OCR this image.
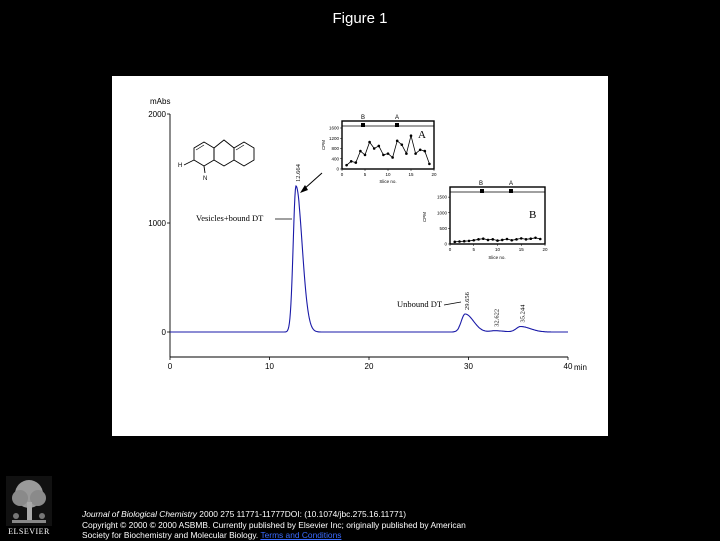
Figure 1
0
1000
2000
0	10	20	30	40
mAbs
min
12.664
29.656
32.622	35.244
Vesicles+bound DT
Unbound DT
H
N
0	5	10	15	20
0
400
800
1200
1600
B	A
A
Slice no.
CPM
0	5	10	15	20
0
500
1000
1500
B	A
B
Slice no.
CPM
ELSEVIER
Journal of Biological Chemistry 2000 275 11771-11777DOI: (10.1074/jbc.275.16.11771)
Copyright © 2000 © 2000 ASBMB. Currently published by Elsevier Inc; originally published by American
Society for Biochemistry and Molecular Biology. Terms and Conditions
